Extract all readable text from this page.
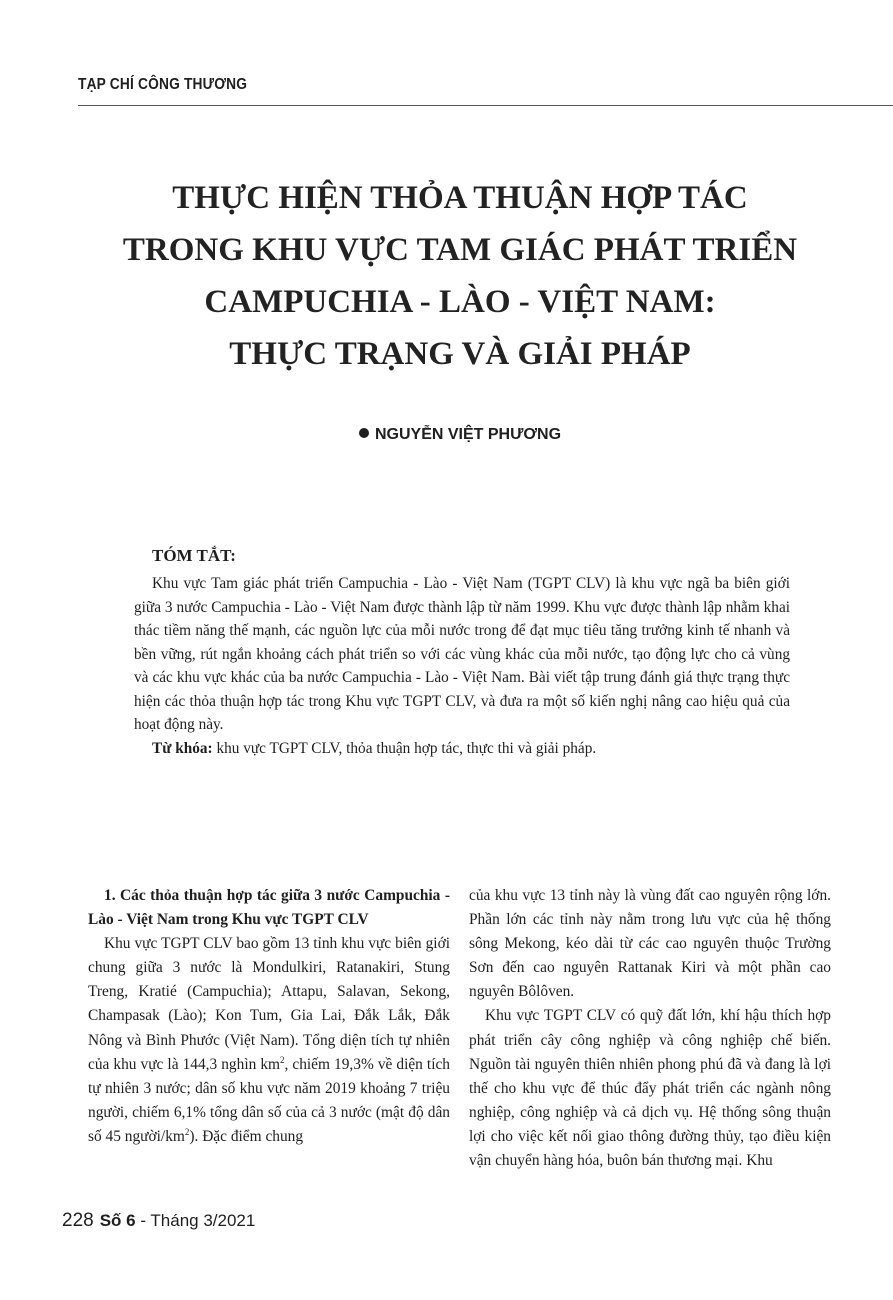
TẠP CHÍ CÔNG THƯƠNG
THỰC HIỆN THỎA THUẬN HỢP TÁC
TRONG KHU VỰC TAM GIÁC PHÁT TRIỂN
CAMPUCHIA - LÀO - VIỆT NAM:
THỰC TRẠNG VÀ GIẢI PHÁP
NGUYỄN VIỆT PHƯƠNG
TÓM TẮT:

Khu vực Tam giác phát triển Campuchia - Lào - Việt Nam (TGPT CLV) là khu vực ngã ba biên giới giữa 3 nước Campuchia - Lào - Việt Nam được thành lập từ năm 1999. Khu vực được thành lập nhằm khai thác tiềm năng thế mạnh, các nguồn lực của mỗi nước trong để đạt mục tiêu tăng trưởng kinh tế nhanh và bền vững, rút ngắn khoảng cách phát triển so với các vùng khác của mỗi nước, tạo động lực cho cả vùng và các khu vực khác của ba nước Campuchia - Lào - Việt Nam. Bài viết tập trung đánh giá thực trạng thực hiện các thỏa thuận hợp tác trong Khu vực TGPT CLV, và đưa ra một số kiến nghị nâng cao hiệu quả của hoạt động này.

Từ khóa: khu vực TGPT CLV, thỏa thuận hợp tác, thực thi và giải pháp.

1. Các thỏa thuận hợp tác giữa 3 nước Campuchia - Lào - Việt Nam trong Khu vực TGPT CLV

Khu vực TGPT CLV bao gồm 13 tỉnh khu vực biên giới chung giữa 3 nước là Mondulkiri, Ratanakiri, Stung Treng, Kratié (Campuchia); Attapu, Salavan, Sekong, Champasak (Lào); Kon Tum, Gia Lai, Đắk Lắk, Đắk Nông và Bình Phước (Việt Nam). Tổng diện tích tự nhiên của khu vực là 144,3 nghìn $km^2$, chiếm 19,3% về diện tích tự nhiên 3 nước; dân số khu vực năm 2019 khoảng 7 triệu người, chiếm 6,1% tổng dân số của cả 3 nước (mật độ dân số 45 người/$km^2$). Đặc điểm chung

của khu vực 13 tỉnh này là vùng đất cao nguyên rộng lớn. Phần lớn các tỉnh này nằm trong lưu vực của hệ thống sông Mekong, kéo dài từ các cao nguyên thuộc Trường Sơn đến cao nguyên Rattanak Kiri và một phần cao nguyên Bôlôven.

Khu vực TGPT CLV có quỹ đất lớn, khí hậu thích hợp phát triển cây công nghiệp và công nghiệp chế biến. Nguồn tài nguyên thiên nhiên phong phú đã và đang là lợi thế cho khu vực để thúc đẩy phát triển các ngành nông nghiệp, công nghiệp và cả dịch vụ. Hệ thống sông thuận lợi cho việc kết nối giao thông đường thủy, tạo điều kiện vận chuyển hàng hóa, buôn bán thương mại. Khu

228 Số 6 - Tháng 3/2021
